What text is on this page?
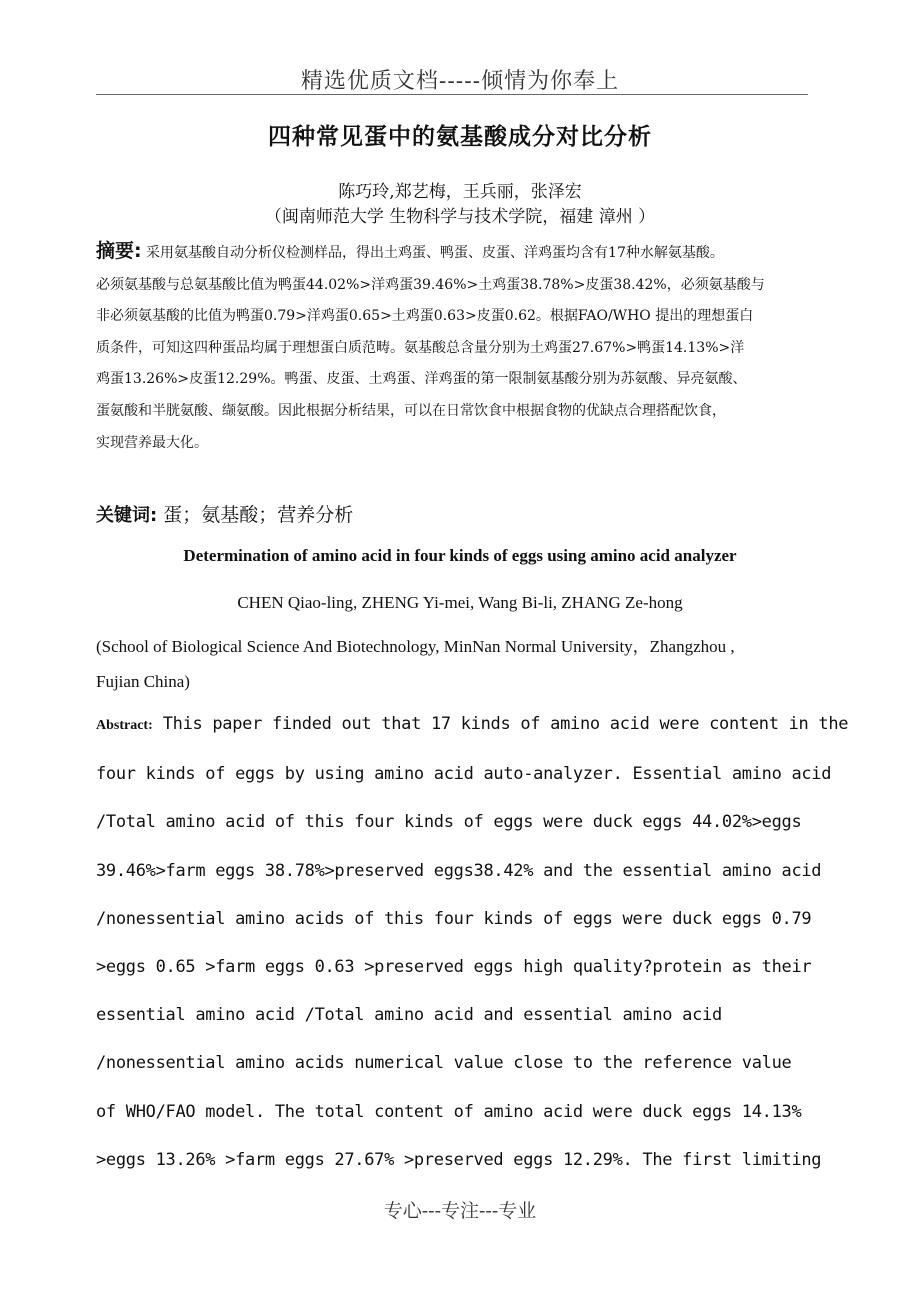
精选优质文档-----倾情为你奉上
四种常见蛋中的氨基酸成分对比分析
陈巧玲,郑艺梅，王兵丽，张泽宏
（闽南师范大学 生物科学与技术学院，福建 漳州 ）
摘要: 采用氨基酸自动分析仪检测样品，得出土鸡蛋、鸭蛋、皮蛋、洋鸡蛋均含有17种水解氨基酸。
必须氨基酸与总氨基酸比值为鸭蛋44.02%>洋鸡蛋39.46%>土鸡蛋38.78%>皮蛋38.42%，必须氨基酸与
非必须氨基酸的比值为鸭蛋0.79>洋鸡蛋0.65>土鸡蛋0.63>皮蛋0.62。根据FAO/WHO 提出的理想蛋白
质条件，可知这四种蛋品均属于理想蛋白质范畴。氨基酸总含量分别为土鸡蛋27.67%>鸭蛋14.13%>洋
鸡蛋13.26%>皮蛋12.29%。鸭蛋、皮蛋、土鸡蛋、洋鸡蛋的第一限制氨基酸分别为苏氨酸、异亮氨酸、
蛋氨酸和半胱氨酸、缬氨酸。因此根据分析结果，可以在日常饮食中根据食物的优缺点合理搭配饮食，
实现营养最大化。
关键词: 蛋；氨基酸；营养分析
Determination of amino acid in four kinds of eggs using amino acid analyzer
CHEN Qiao-ling, ZHENG Yi-mei, Wang Bi-li, ZHANG Ze-hong
(School of Biological Science And Biotechnology, MinNan Normal University，Zhangzhou ,
Fujian China)
Abstract: This paper finded out that 17 kinds of amino acid were content in the
four kinds of eggs by using amino acid auto-analyzer. Essential amino acid
/Total amino acid of this four kinds of eggs were duck eggs 44.02%>eggs
39.46%>farm eggs 38.78%>preserved eggs38.42% and the essential amino acid
/nonessential amino acids of this four kinds of eggs were duck eggs 0.79
>eggs 0.65 >farm eggs 0.63 >preserved eggs high quality?protein as their
essential amino acid /Total amino acid and essential amino acid
/nonessential amino acids numerical value close to the reference value
of WHO/FAO model. The total content of amino acid were duck eggs 14.13%
>eggs 13.26% >farm eggs 27.67% >preserved eggs 12.29%. The first limiting
专心---专注---专业
